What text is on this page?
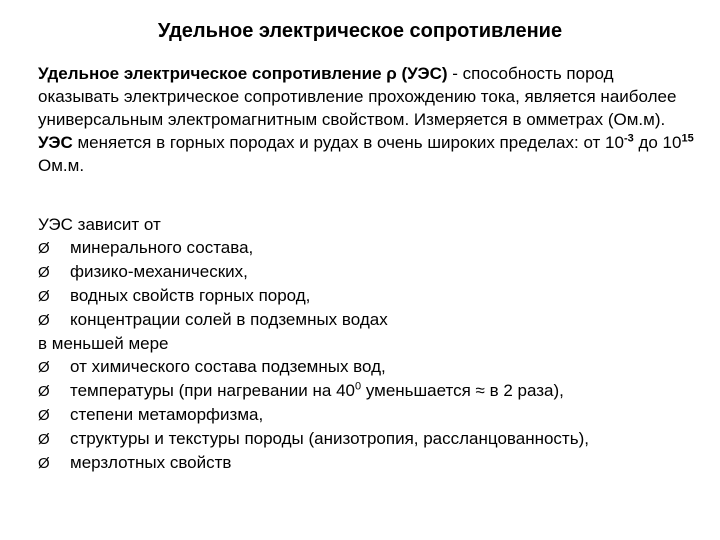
Удельное электрическое сопротивление

Удельное электрическое сопротивление ρ (УЭС) - способность пород оказывать электрическое сопротивление прохождению тока, является наиболее универсальным электромагнитным свойством. Измеряется в омметрах (Ом.м).

УЭС меняется в горных породах и рудах в очень широких пределах: от $10^{-3}$ до $10^{15}$ Ом.м.

УЭС зависит от

Ø	минерального состава,
Ø	физико-механических,
Ø	водных свойств горных пород,
Ø	концентрации солей в подземных водах

в меньшей мере

Ø	от химического состава подземных вод,
Ø	температуры (при нагревании на $40^0$ уменьшается ≈ в 2 раза),
Ø	степени метаморфизма,
Ø	структуры и текстуры породы (анизотропия, рассланцованность),
Ø	мерзлотных свойств
